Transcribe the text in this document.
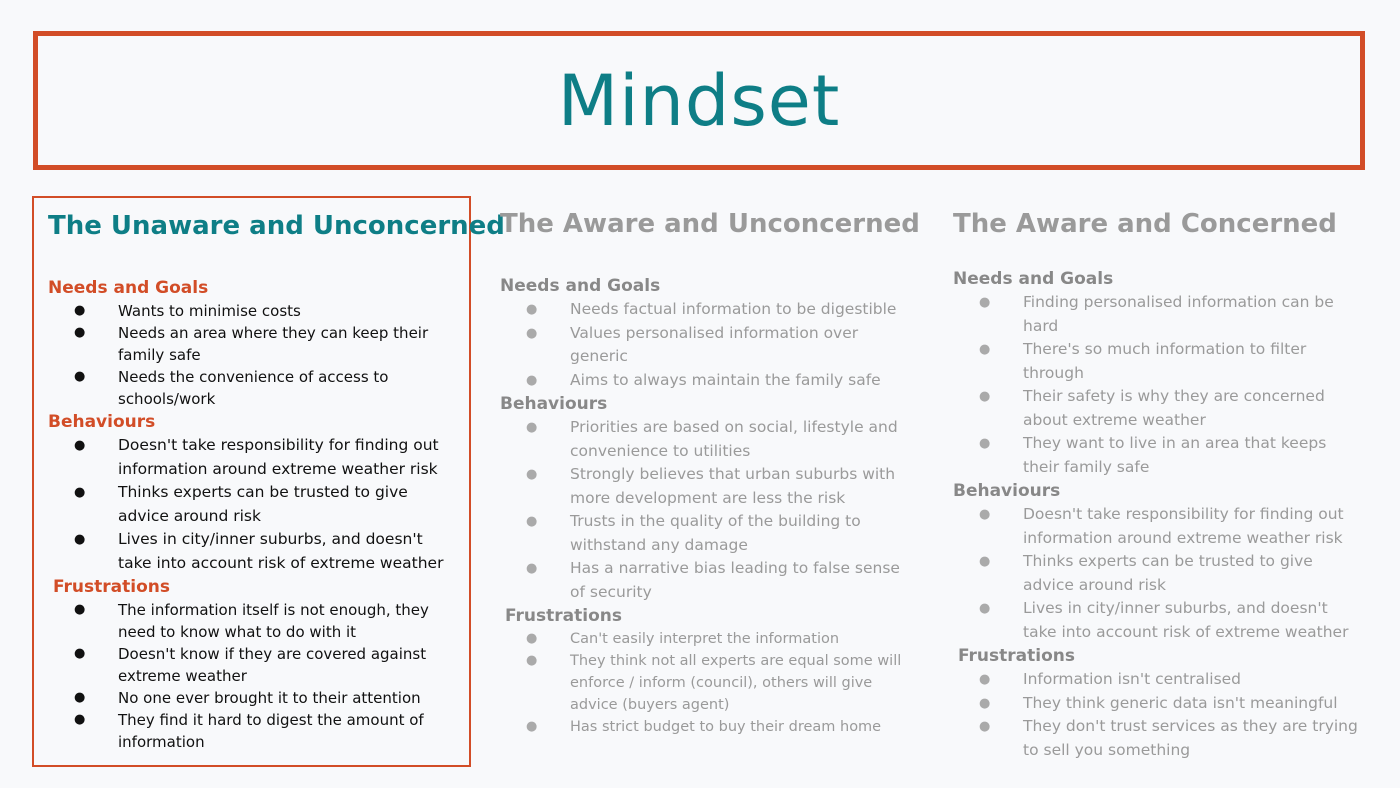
Mindset
The Unaware and Unconcerned
Needs and Goals
● Wants to minimise costs
● Needs an area where they can keep their family safe
● Needs the convenience of access to schools/work
Behaviours
● Doesn't take responsibility for finding out information around extreme weather risk
● Thinks experts can be trusted to give advice around risk
● Lives in city/inner suburbs, and doesn't take into account risk of extreme weather
Frustrations
● The information itself is not enough, they need to know what to do with it
● Doesn't know if they are covered against extreme weather
● No one ever brought it to their attention
● They find it hard to digest the amount of information
The Aware and Unconcerned
Needs and Goals
● Needs factual information to be digestible
● Values personalised information over generic
● Aims to always maintain the family safe
Behaviours
● Priorities are based on social, lifestyle and convenience to utilities
● Strongly believes that urban suburbs with more development are less the risk
● Trusts in the quality of the building to withstand any damage
● Has a narrative bias leading to false sense of security
Frustrations
● Can't easily interpret the information
● They think not all experts are equal some will enforce / inform (council), others will give advice (buyers agent)
● Has strict budget to buy their dream home
The Aware and Concerned
Needs and Goals
● Finding personalised information can be hard
● There's so much information to filter through
● Their safety is why they are concerned about extreme weather
● They want to live in an area that keeps their family safe
Behaviours
● Doesn't take responsibility for finding out information around extreme weather risk
● Thinks experts can be trusted to give advice around risk
● Lives in city/inner suburbs, and doesn't take into account risk of extreme weather
Frustrations
● Information isn't centralised
● They think generic data isn't meaningful
● They don't trust services as they are trying to sell you something
